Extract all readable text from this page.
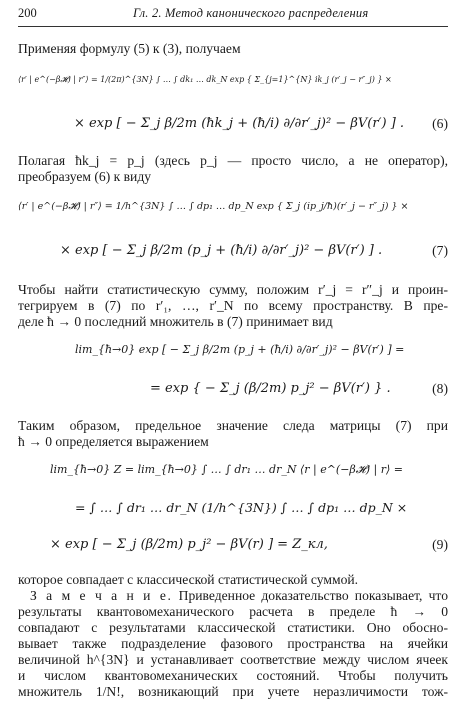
200	Гл. 2. Метод канонического распределения
Применяя формулу (5) к (3), получаем
⟨r′ | e^(−β𝓗) | r″⟩ = 1/(2π)^{3N} ∫ … ∫ dk₁ … dk_N exp { Σ_{j=1}^{N} ik_j (r′_j − r″_j) } ×
× exp [ − Σ_j β/2m (ħk_j + (ħ/i) ∂/∂r′_j)² − βV(r′) ] . (6)
Полагая ħk_j = p_j (здесь p_j — просто число, а не оператор),
преобразуем (6) к виду
⟨r′ | e^(−β𝓗) | r″⟩ = 1/h^{3N} ∫ … ∫ dp₁ … dp_N exp { Σ_j (ip_j/ħ)(r′_j − r″_j) } ×
× exp [ − Σ_j β/2m (p_j + (ħ/i) ∂/∂r′_j)² − βV(r′) ] .	(7)
Чтобы найти статистическую сумму, положим r′_j = r″_j и проин-
тегрируем в (7) по r′₁, …, r′_N по всему пространству. В пре-
деле ħ → 0 последний множитель в (7) принимает вид
lim_{ħ→0} exp [ − Σ_j β/2m (p_j + (ħ/i) ∂/∂r′_j)² − βV(r′) ] =
= exp { − Σ_j (β/2m) p_j² − βV(r′) } .	(8)
Таким образом, предельное значение следа матрицы (7) при
ħ → 0 определяется выражением
lim_{ħ→0} Z = lim_{ħ→0} ∫ … ∫ dr₁ … dr_N ⟨r | e^(−β𝓗) | r⟩ =
= ∫ … ∫ dr₁ … dr_N (1/h^{3N}) ∫ … ∫ dp₁ … dp_N ×
× exp [ − Σ_j (β/2m) p_j² − βV(r) ] = Z_кл,	(9)
которое совпадает с классической статистической суммой.
З а м е ч а н и е. Приведенное доказательство показывает, что
результаты квантовомеханического расчета в пределе ħ → 0
совпадают с результатами классической статистики. Оно обосно-
вывает также подразделение фазового пространства на ячейки
величиной h^{3N} и устанавливает соответствие между числом ячеек
и числом квантовомеханических состояний. Чтобы получить
множитель 1/N!, возникающий при учете неразличимости тож-
